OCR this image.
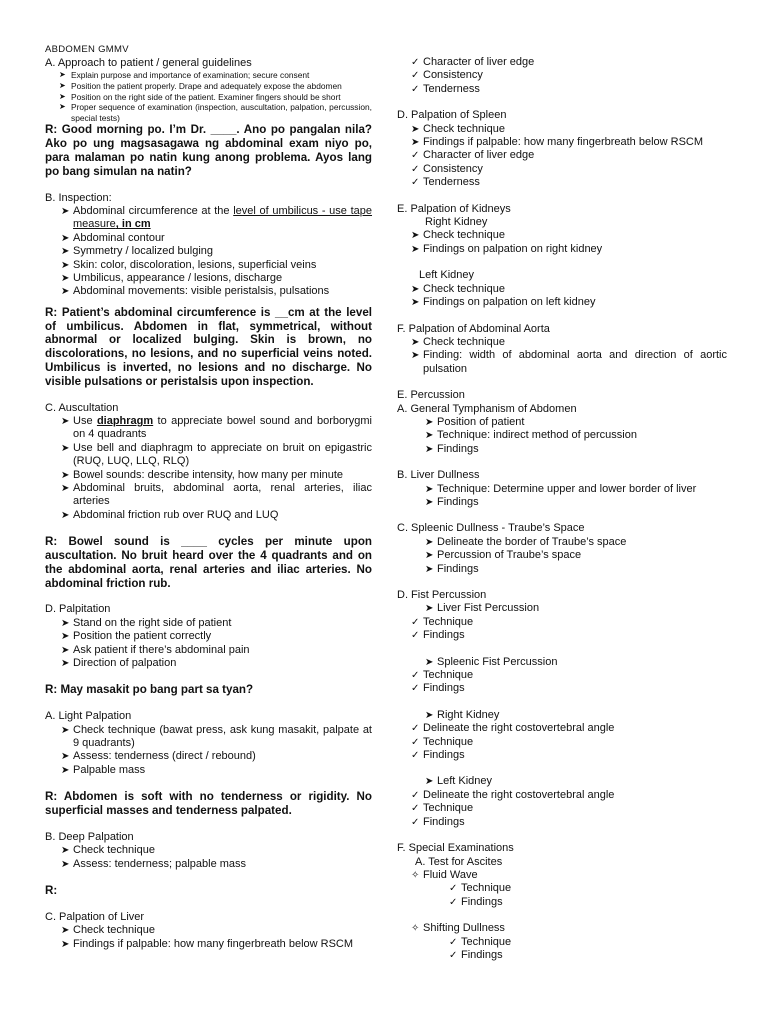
ABDOMEN GMMV
A. Approach to patient / general guidelines
➤ Explain purpose and importance of examination; secure consent
➤ Position the patient properly. Drape and adequately expose the abdomen
➤ Position on the right side of the patient. Examiner fingers should be short
➤ Proper sequence of examination (inspection, auscultation, palpation, percussion, special tests)
R: Good morning po. I’m Dr. ____. Ano po pangalan nila? Ako po ung magsasagawa ng abdominal exam niyo po, para malaman po natin kung anong problema. Ayos lang po bang simulan na natin?
B. Inspection:
➤ Abdominal circumference at the level of umbilicus - use tape measure, in cm
➤ Abdominal contour
➤ Symmetry / localized bulging
➤ Skin: color, discoloration, lesions, superficial veins
➤ Umbilicus, appearance / lesions, discharge
➤ Abdominal movements: visible peristalsis, pulsations
R: Patient’s abdominal circumference is __cm at the level of umbilicus. Abdomen in flat, symmetrical, without abnormal or localized bulging. Skin is brown, no discolorations, no lesions, and no superficial veins noted. Umbilicus is inverted, no lesions and no discharge. No visible pulsations or peristalsis upon inspection.
C. Auscultation
➤ Use diaphragm to appreciate bowel sound and borborygmi on 4 quadrants
➤ Use bell and diaphragm to appreciate on bruit on epigastric (RUQ, LUQ, LLQ, RLQ)
➤ Bowel sounds: describe intensity, how many per minute
➤ Abdominal bruits, abdominal aorta, renal arteries, iliac arteries
➤ Abdominal friction rub over RUQ and LUQ
R: Bowel sound is ____ cycles per minute upon auscultation. No bruit heard over the 4 quadrants and on the abdominal aorta, renal arteries and iliac arteries. No abdominal friction rub.
D. Palpitation
➤ Stand on the right side of patient
➤ Position the patient correctly
➤ Ask patient if there’s abdominal pain
➤ Direction of palpation
R: May masakit po bang part sa tyan?
A. Light Palpation
➤ Check technique (bawat press, ask kung masakit, palpate at 9 quadrants)
➤ Assess: tenderness (direct / rebound)
➤ Palpable mass
R: Abdomen is soft with no tenderness or rigidity. No superficial masses and tenderness palpated.
B. Deep Palpation
➤ Check technique
➤ Assess: tenderness; palpable mass
R:
C. Palpation of Liver
➤ Check technique
➤ Findings if palpable: how many fingerbreath below RSCM
✓ Character of liver edge
✓ Consistency
✓ Tenderness
D. Palpation of Spleen
➤ Check technique
➤ Findings if palpable: how many fingerbreath below RSCM
✓ Character of liver edge
✓ Consistency
✓ Tenderness
E. Palpation of Kidneys
Right Kidney
➤ Check technique
➤ Findings on palpation on right kidney
Left Kidney
➤ Check technique
➤ Findings on palpation on left kidney
F. Palpation of Abdominal Aorta
➤ Check technique
➤ Finding: width of abdominal aorta and direction of aortic pulsation
E. Percussion
A. General Tymphanism of Abdomen
➤ Position of patient
➤ Technique: indirect method of percussion
➤ Findings
B. Liver Dullness
➤ Technique: Determine upper and lower border of liver
➤ Findings
C. Spleenic Dullness - Traube’s Space
➤ Delineate the border of Traube’s space
➤ Percussion of Traube’s space
➤ Findings
D. Fist Percussion
➤ Liver Fist Percussion
✓ Technique
✓ Findings
➤ Spleenic Fist Percussion
✓ Technique
✓ Findings
➤ Right Kidney
✓ Delineate the right costovertebral angle
✓ Technique
✓ Findings
➤ Left Kidney
✓ Delineate the right costovertebral angle
✓ Technique
✓ Findings
F. Special Examinations
A. Test for Ascites
✧ Fluid Wave
✓ Technique
✓ Findings
✧ Shifting Dullness
✓ Technique
✓ Findings
